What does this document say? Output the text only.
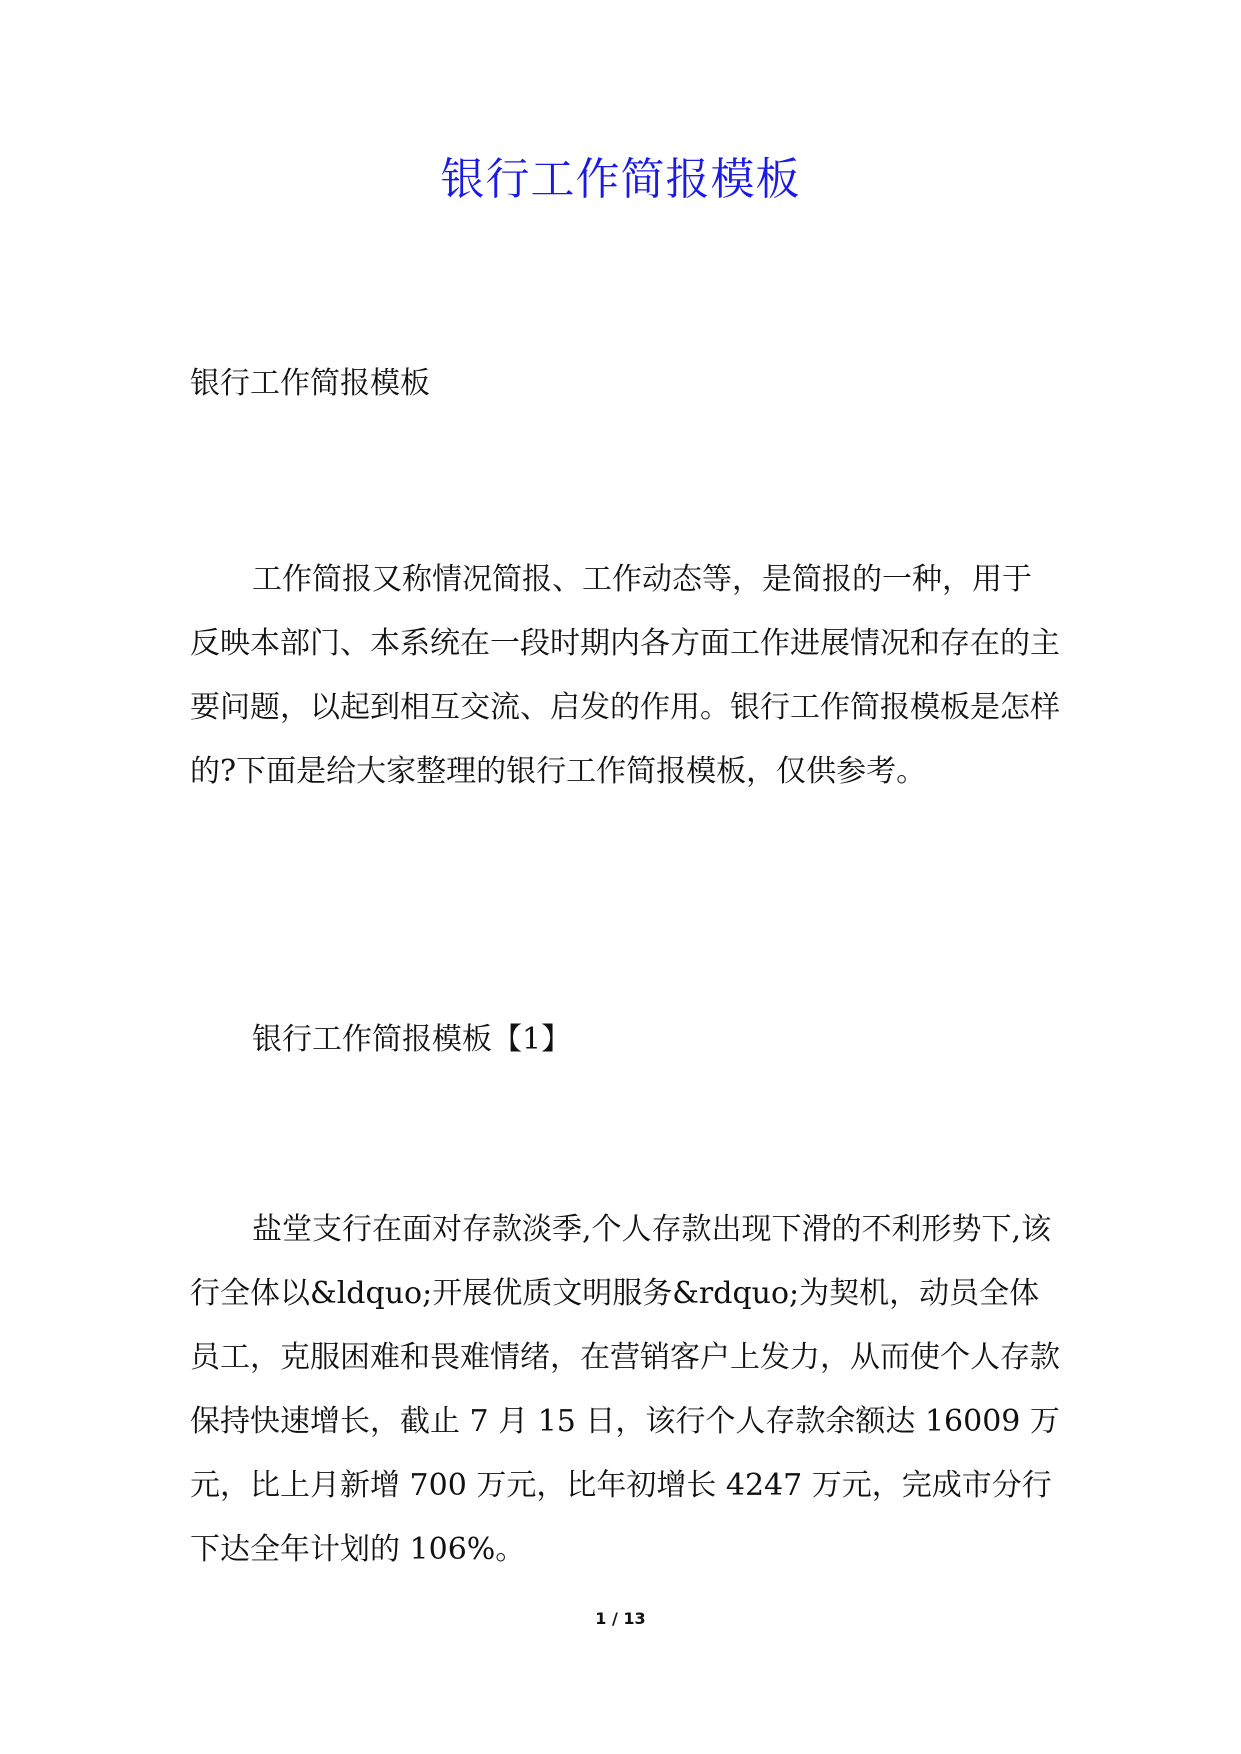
银行工作简报模板

银行工作简报模板

工作简报又称情况简报、工作动态等，是简报的一种，用于反映本部门、本系统在一段时期内各方面工作进展情况和存在的主要问题，以起到相互交流、启发的作用。银行工作简报模板是怎样的?下面是给大家整理的银行工作简报模板，仅供参考。

银行工作简报模板【1】

盐堂支行在面对存款淡季,个人存款出现下滑的不利形势下,该行全体以&ldquo;开展优质文明服务&rdquo;为契机，动员全体员工，克服困难和畏难情绪，在营销客户上发力，从而使个人存款保持快速增长，截止 7 月 15 日，该行个人存款余额达 16009 万元，比上月新增 700 万元，比年初增长 4247 万元，完成市分行下达全年计划的 106%。

1 / 13
